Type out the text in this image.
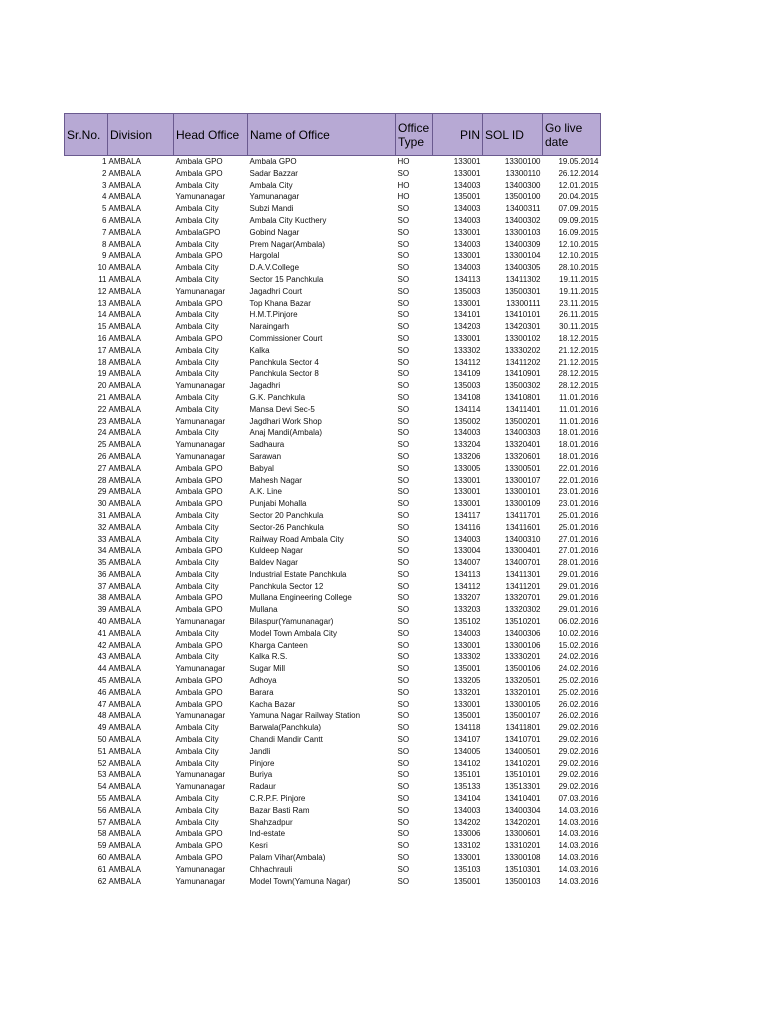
Sr.No.	Division	Head Office	Name of Office	Office Type	PIN	SOL ID	Go live date
1	AMBALA	Ambala GPO	Ambala GPO	HO	133001	13300100	19.05.2014
2	AMBALA	Ambala GPO	Sadar Bazzar	SO	133001	13300110	26.12.2014
3	AMBALA	Ambala City	Ambala City	HO	134003	13400300	12.01.2015
4	AMBALA	Yamunanagar	Yamunanagar	HO	135001	13500100	20.04.2015
5	AMBALA	Ambala City	Subzi Mandi	SO	134003	13400311	07.09.2015
6	AMBALA	Ambala City	Ambala City Kucthery	SO	134003	13400302	09.09.2015
7	AMBALA	AmbalaGPO	Gobind Nagar	SO	133001	13300103	16.09.2015
8	AMBALA	Ambala City	Prem Nagar(Ambala)	SO	134003	13400309	12.10.2015
9	AMBALA	Ambala GPO	Hargolal	SO	133001	13300104	12.10.2015
10	AMBALA	Ambala City	D.A.V.College	SO	134003	13400305	28.10.2015
11	AMBALA	Ambala City	Sector 15 Panchkula	SO	134113	13411302	19.11.2015
12	AMBALA	Yamunanagar	Jagadhri Court	SO	135003	13500301	19.11.2015
13	AMBALA	Ambala GPO	Top Khana Bazar	SO	133001	13300111	23.11.2015
14	AMBALA	Ambala City	H.M.T.Pinjore	SO	134101	13410101	26.11.2015
15	AMBALA	Ambala City	Naraingarh	SO	134203	13420301	30.11.2015
16	AMBALA	Ambala GPO	Commissioner Court	SO	133001	13300102	18.12.2015
17	AMBALA	Ambala City	Kalka	SO	133302	13330202	21.12.2015
18	AMBALA	Ambala City	Panchkula Sector 4	SO	134112	13411202	21.12.2015
19	AMBALA	Ambala City	Panchkula Sector 8	SO	134109	13410901	28.12.2015
20	AMBALA	Yamunanagar	Jagadhri	SO	135003	13500302	28.12.2015
21	AMBALA	Ambala City	G.K. Panchkula	SO	134108	13410801	11.01.2016
22	AMBALA	Ambala City	Mansa Devi Sec-5	SO	134114	13411401	11.01.2016
23	AMBALA	Yamunanagar	Jagdhari Work Shop	SO	135002	13500201	11.01.2016
24	AMBALA	Ambala City	Anaj Mandi(Ambala)	SO	134003	13400303	18.01.2016
25	AMBALA	Yamunanagar	Sadhaura	SO	133204	13320401	18.01.2016
26	AMBALA	Yamunanagar	Sarawan	SO	133206	13320601	18.01.2016
27	AMBALA	Ambala GPO	Babyal	SO	133005	13300501	22.01.2016
28	AMBALA	Ambala GPO	Mahesh Nagar	SO	133001	13300107	22.01.2016
29	AMBALA	Ambala GPO	A.K. Line	SO	133001	13300101	23.01.2016
30	AMBALA	Ambala GPO	Punjabi Mohalla	SO	133001	13300109	23.01.2016
31	AMBALA	Ambala City	Sector 20 Panchkula	SO	134117	13411701	25.01.2016
32	AMBALA	Ambala City	Sector-26 Panchkula	SO	134116	13411601	25.01.2016
33	AMBALA	Ambala City	Railway Road Ambala City	SO	134003	13400310	27.01.2016
34	AMBALA	Ambala GPO	Kuldeep Nagar	SO	133004	13300401	27.01.2016
35	AMBALA	Ambala City	Baldev Nagar	SO	134007	13400701	28.01.2016
36	AMBALA	Ambala City	Industrial Estate Panchkula	SO	134113	13411301	29.01.2016
37	AMBALA	Ambala City	Panchkula Sector 12	SO	134112	13411201	29.01.2016
38	AMBALA	Ambala GPO	Mullana Engineering College	SO	133207	13320701	29.01.2016
39	AMBALA	Ambala GPO	Mullana	SO	133203	13320302	29.01.2016
40	AMBALA	Yamunanagar	Bilaspur(Yamunanagar)	SO	135102	13510201	06.02.2016
41	AMBALA	Ambala City	Model Town Ambala City	SO	134003	13400306	10.02.2016
42	AMBALA	Ambala GPO	Kharga Canteen	SO	133001	13300106	15.02.2016
43	AMBALA	Ambala City	Kalka R.S.	SO	133302	13330201	24.02.2016
44	AMBALA	Yamunanagar	Sugar Mill	SO	135001	13500106	24.02.2016
45	AMBALA	Ambala GPO	Adhoya	SO	133205	13320501	25.02.2016
46	AMBALA	Ambala GPO	Barara	SO	133201	13320101	25.02.2016
47	AMBALA	Ambala GPO	Kacha Bazar	SO	133001	13300105	26.02.2016
48	AMBALA	Yamunanagar	Yamuna Nagar Railway Station	SO	135001	13500107	26.02.2016
49	AMBALA	Ambala City	Barwala(Panchkula)	SO	134118	13411801	29.02.2016
50	AMBALA	Ambala City	Chandi Mandir Cantt	SO	134107	13410701	29.02.2016
51	AMBALA	Ambala City	Jandli	SO	134005	13400501	29.02.2016
52	AMBALA	Ambala City	Pinjore	SO	134102	13410201	29.02.2016
53	AMBALA	Yamunanagar	Buriya	SO	135101	13510101	29.02.2016
54	AMBALA	Yamunanagar	Radaur	SO	135133	13513301	29.02.2016
55	AMBALA	Ambala City	C.R.P.F. Pinjore	SO	134104	13410401	07.03.2016
56	AMBALA	Ambala City	Bazar Basti Ram	SO	134003	13400304	14.03.2016
57	AMBALA	Ambala City	Shahzadpur	SO	134202	13420201	14.03.2016
58	AMBALA	Ambala GPO	Ind-estate	SO	133006	13300601	14.03.2016
59	AMBALA	Ambala GPO	Kesri	SO	133102	13310201	14.03.2016
60	AMBALA	Ambala GPO	Palam Vihar(Ambala)	SO	133001	13300108	14.03.2016
61	AMBALA	Yamunanagar	Chhachrauli	SO	135103	13510301	14.03.2016
62	AMBALA	Yamunanagar	Model Town(Yamuna Nagar)	SO	135001	13500103	14.03.2016
